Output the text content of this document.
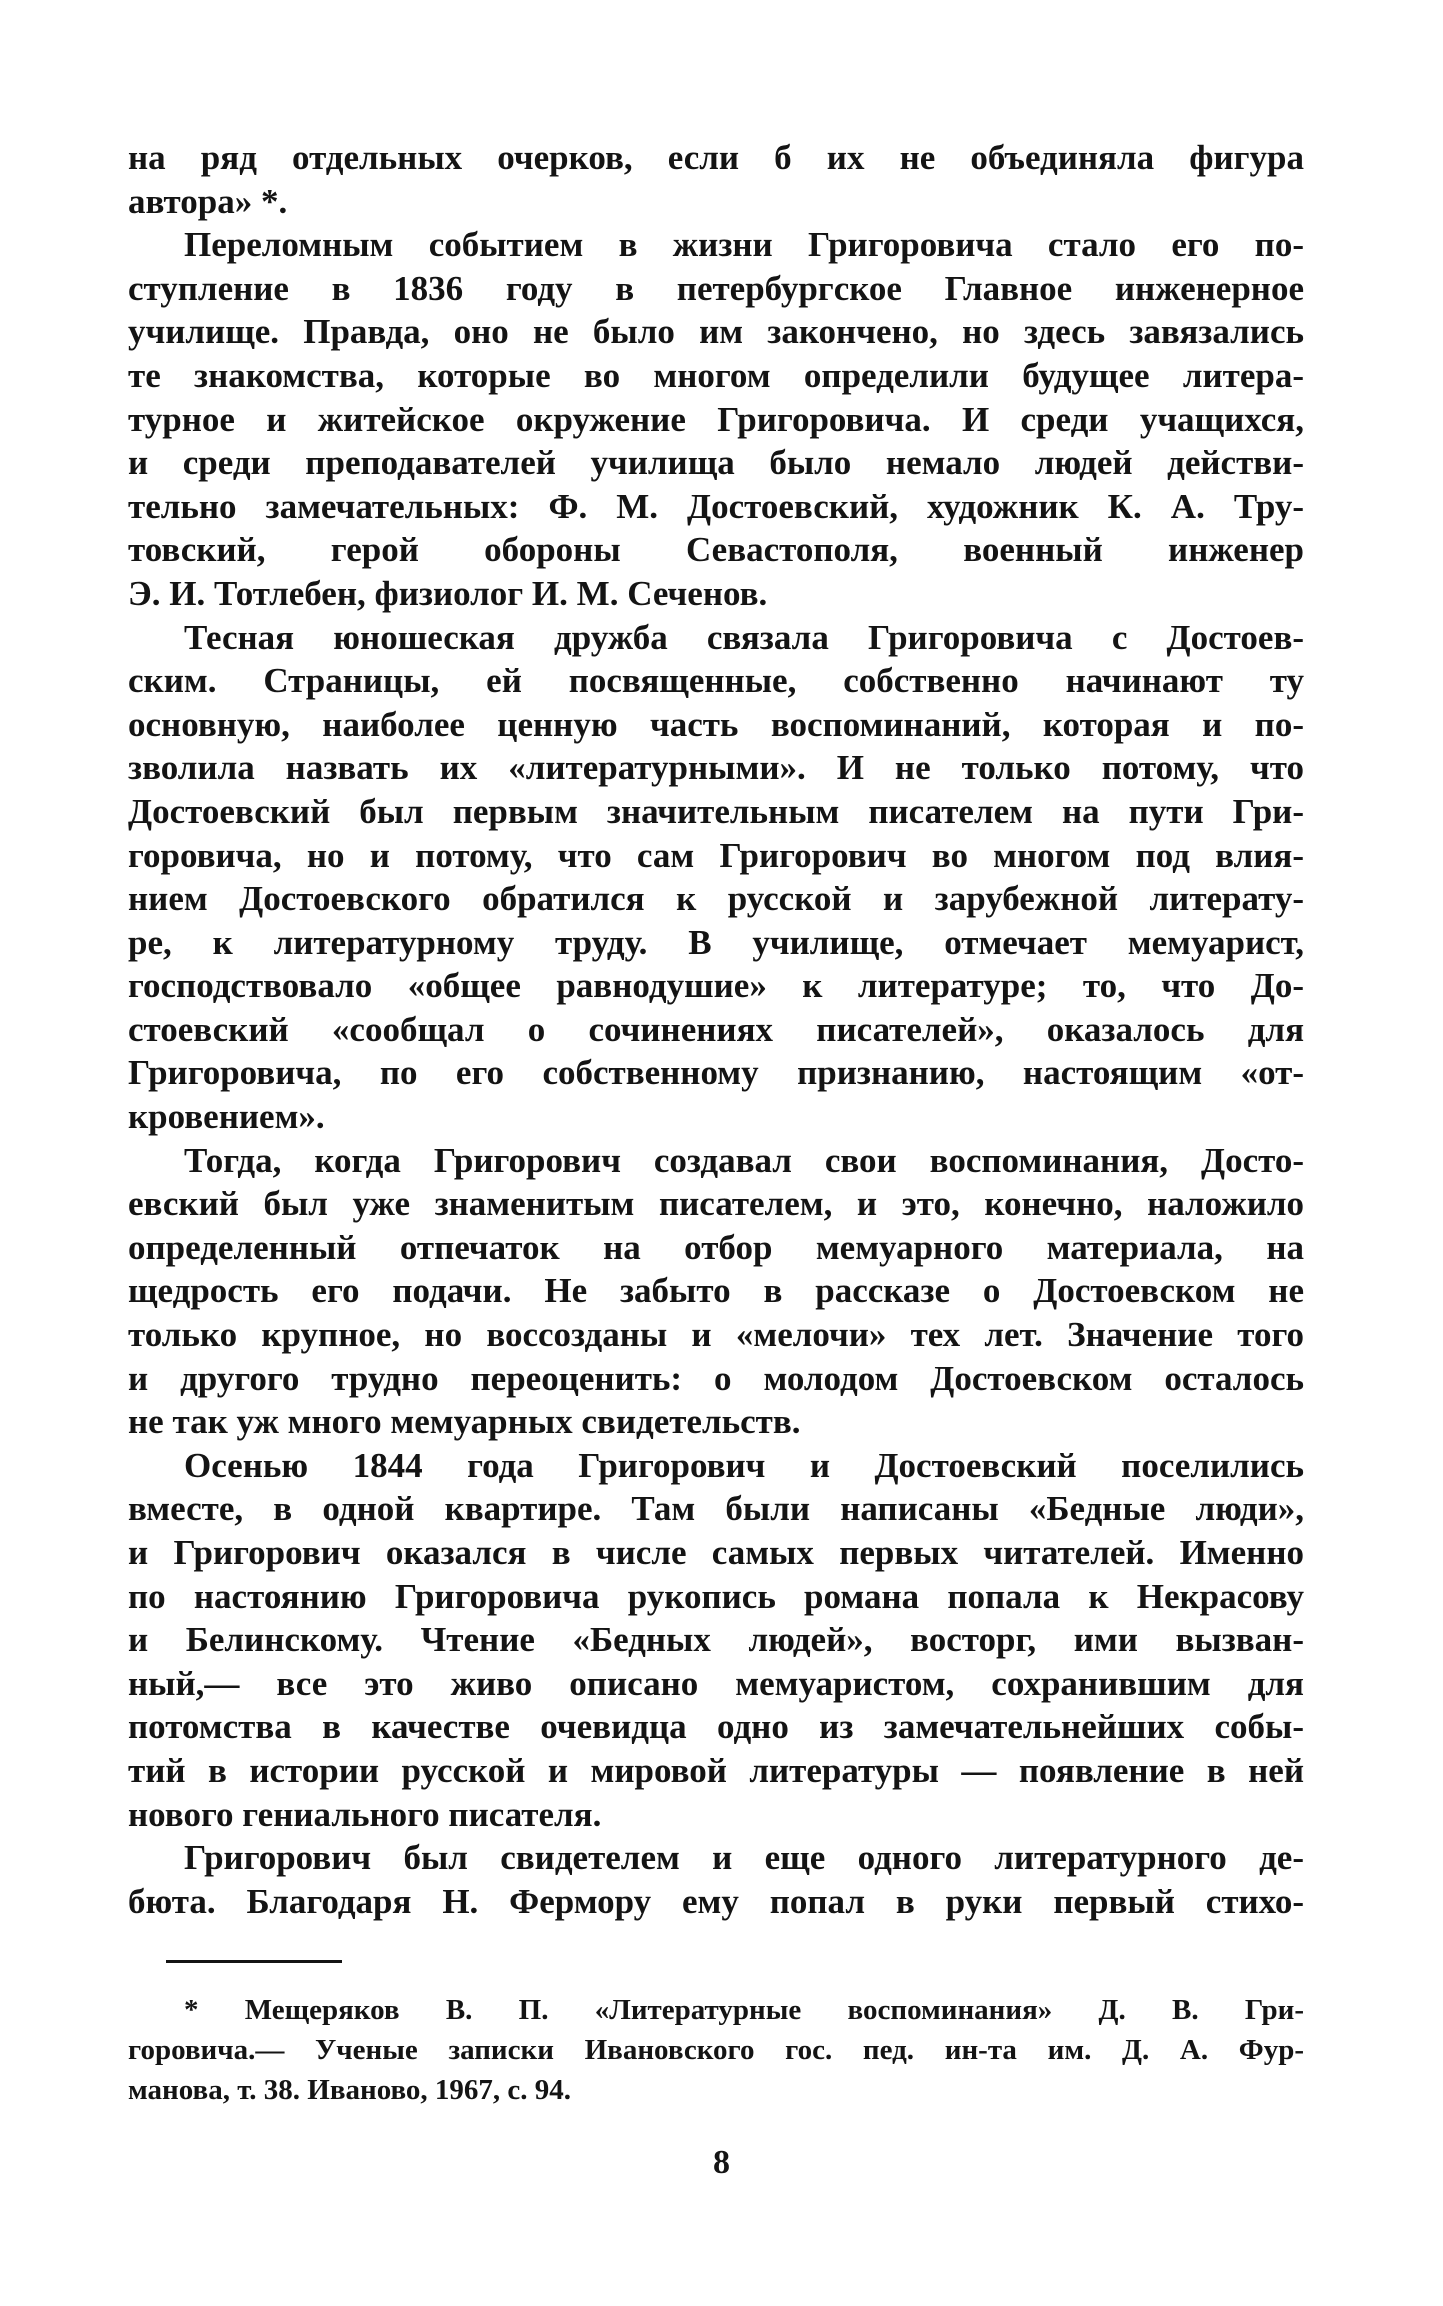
на ряд отдельных очерков, если б их не объединяла фигура
автора» *.
Переломным событием в жизни Григоровича стало его по-
ступление в 1836 году в петербургское Главное инженерное
училище. Правда, оно не было им закончено, но здесь завязались
те знакомства, которые во многом определили будущее литера-
турное и житейское окружение Григоровича. И среди учащихся,
и среди преподавателей училища было немало людей действи-
тельно замечательных: Ф. М. Достоевский, художник К. А. Тру-
товский, герой обороны Севастополя, военный инженер
Э. И. Тотлебен, физиолог И. М. Сеченов.
Тесная юношеская дружба связала Григоровича с Достоев-
ским. Страницы, ей посвященные, собственно начинают ту
основную, наиболее ценную часть воспоминаний, которая и по-
зволила назвать их «литературными». И не только потому, что
Достоевский был первым значительным писателем на пути Гри-
горовича, но и потому, что сам Григорович во многом под влия-
нием Достоевского обратился к русской и зарубежной литерату-
ре, к литературному труду. В училище, отмечает мемуарист,
господствовало «общее равнодушие» к литературе; то, что До-
стоевский «сообщал о сочинениях писателей», оказалось для
Григоровича, по его собственному признанию, настоящим «от-
кровением».
Тогда, когда Григорович создавал свои воспоминания, Досто-
евский был уже знаменитым писателем, и это, конечно, наложило
определенный отпечаток на отбор мемуарного материала, на
щедрость его подачи. Не забыто в рассказе о Достоевском не
только крупное, но воссозданы и «мелочи» тех лет. Значение того
и другого трудно переоценить: о молодом Достоевском осталось
не так уж много мемуарных свидетельств.
Осенью 1844 года Григорович и Достоевский поселились
вместе, в одной квартире. Там были написаны «Бедные люди»,
и Григорович оказался в числе самых первых читателей. Именно
по настоянию Григоровича рукопись романа попала к Некрасову
и Белинскому. Чтение «Бедных людей», восторг, ими вызван-
ный,— все это живо описано мемуаристом, сохранившим для
потомства в качестве очевидца одно из замечательнейших собы-
тий в истории русской и мировой литературы — появление в ней
нового гениального писателя.
Григорович был свидетелем и еще одного литературного де-
бюта. Благодаря Н. Фермору ему попал в руки первый стихо-
* Мещеряков В. П. «Литературные воспоминания» Д. В. Гри-
горовича.— Ученые записки Ивановского гос. пед. ин-та им. Д. А. Фур-
манова, т. 38. Иваново, 1967, с. 94.
8
